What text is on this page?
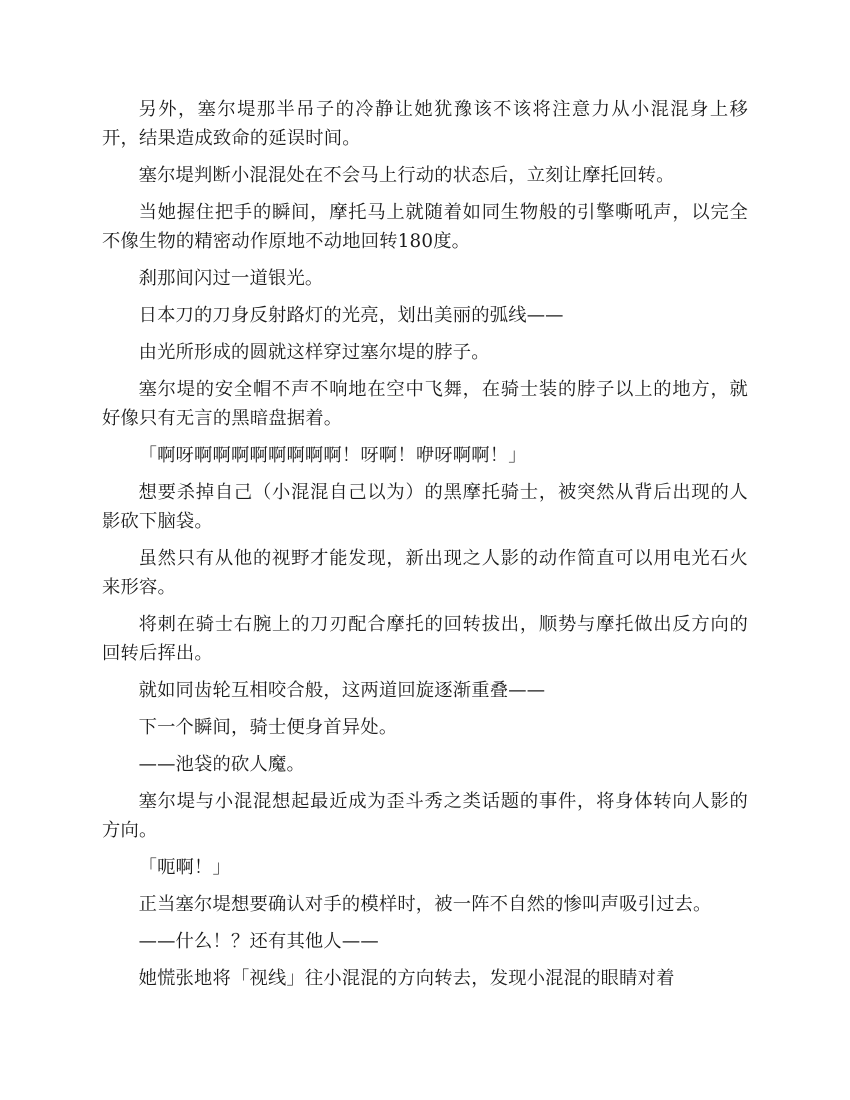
另外，塞尔堤那半吊子的冷静让她犹豫该不该将注意力从小混混身上移开，结果造成致命的延误时间。

塞尔堤判断小混混处在不会马上行动的状态后，立刻让摩托回转。

当她握住把手的瞬间，摩托马上就随着如同生物般的引擎嘶吼声，以完全不像生物的精密动作原地不动地回转180度。

刹那间闪过一道银光。

日本刀的刀身反射路灯的光亮，划出美丽的弧线——

由光所形成的圆就这样穿过塞尔堤的脖子。

塞尔堤的安全帽不声不响地在空中飞舞，在骑士装的脖子以上的地方，就好像只有无言的黑暗盘据着。

「啊呀啊啊啊啊啊啊啊啊！呀啊！咿呀啊啊！」

想要杀掉自己（小混混自己以为）的黑摩托骑士，被突然从背后出现的人影砍下脑袋。

虽然只有从他的视野才能发现，新出现之人影的动作简直可以用电光石火来形容。

将刺在骑士右腕上的刀刃配合摩托的回转拔出，顺势与摩托做出反方向的回转后挥出。

就如同齿轮互相咬合般，这两道回旋逐渐重叠——

下一个瞬间，骑士便身首异处。

——池袋的砍人魔。

塞尔堤与小混混想起最近成为歪斗秀之类话题的事件，将身体转向人影的方向。

「呃啊！」

正当塞尔堤想要确认对手的模样时，被一阵不自然的惨叫声吸引过去。

——什么！？还有其他人——

她慌张地将「视线」往小混混的方向转去，发现小混混的眼睛对着
